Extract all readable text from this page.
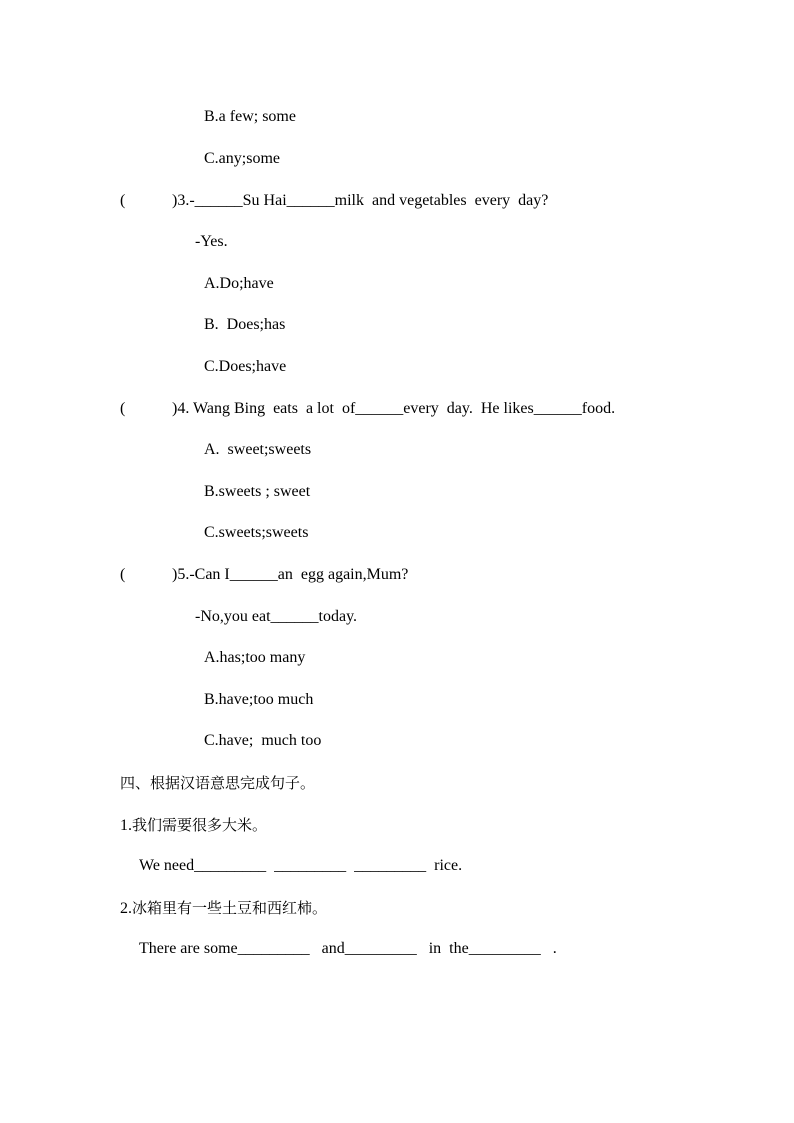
B.a few; some
C.any;some
(	)3.-______Su Hai______milk  and vegetables  every  day?
-Yes.
A.Do;have
B.  Does;has
C.Does;have
(	)4. Wang Bing  eats  a lot  of______every  day.  He likes______food.
A.  sweet;sweets
B.sweets ; sweet
C.sweets;sweets
(	)5.-Can I______an  egg again,Mum?
-No,you eat______today.
A.has;too many
B.have;too much
C.have;  much too
四、根据汉语意思完成句子。
1.我们需要很多大米。
We need_________  _________  _________  rice.
2.冰箱里有一些土豆和西红柿。
There are some_________   and_________   in  the_________   .
